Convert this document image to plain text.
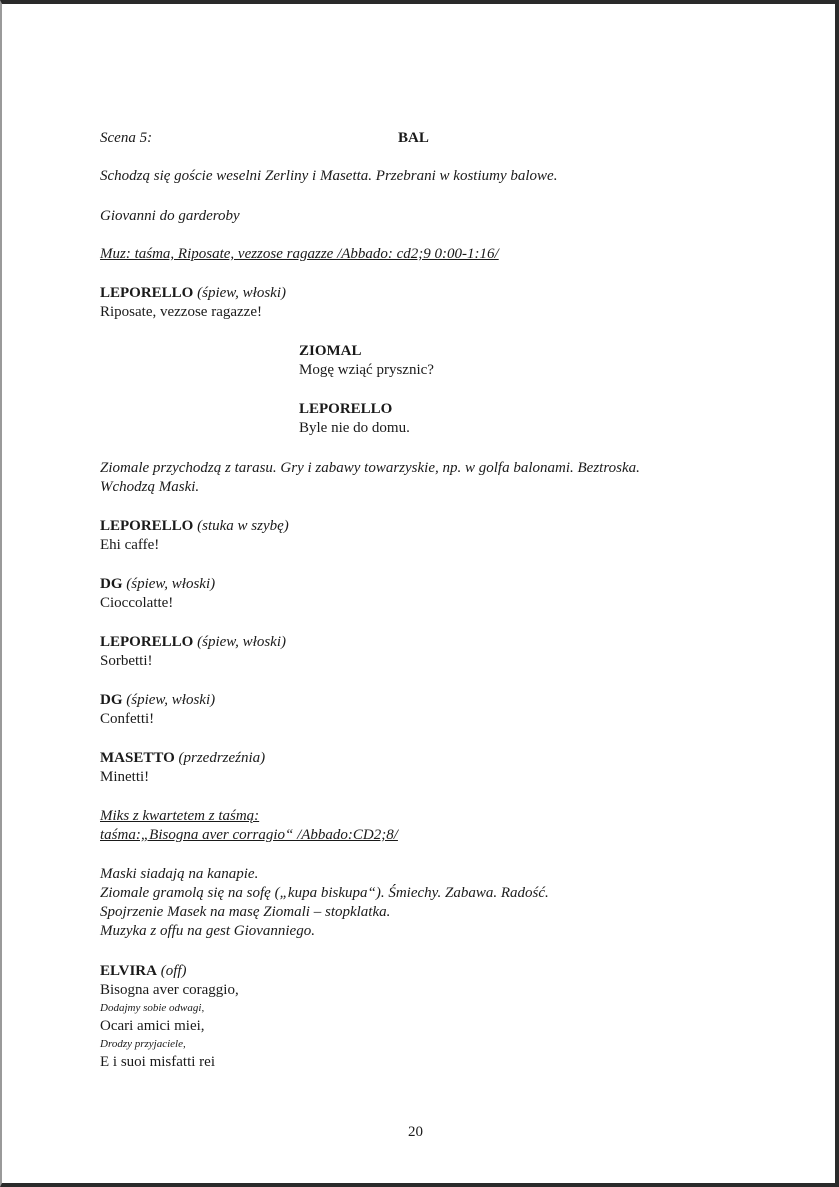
Scena 5:	BAL
Schodzą się goście weselni Zerliny i Masetta. Przebrani w kostiumy balowe.
Giovanni do garderoby
Muz: taśma, Riposate, vezzose ragazze /Abbado: cd2;9 0:00-1:16/
LEPORELLO (śpiew, włoski)
Riposate, vezzose ragazze!
ZIOMAL
Mogę wziąć prysznic?
LEPORELLO
Byle nie do domu.
Ziomale przychodzą z tarasu. Gry i zabawy towarzyskie, np. w golfa balonami. Beztroska.
Wchodzą Maski.
LEPORELLO (stuka w szybę)
Ehi caffe!
DG (śpiew, włoski)
Cioccolatte!
LEPORELLO (śpiew, włoski)
Sorbetti!
DG (śpiew, włoski)
Confetti!
MASETTO (przedrzeźnia)
Minetti!
Miks z kwartetem z taśmą:
taśma:„Bisogna aver corragio“ /Abbado:CD2;8/
Maski siadają na kanapie.
Ziomale gramolą się na sofę („kupa biskupa“). Śmiechy. Zabawa. Radość.
Spojrzenie Masek na masę Ziomali – stopklatka.
Muzyka z offu na gest Giovanniego.
ELVIRA (off)
Bisogna aver coraggio,
Dodajmy sobie odwagi,
Ocari amici miei,
Drodzy przyjaciele,
E i suoi misfatti rei
20
